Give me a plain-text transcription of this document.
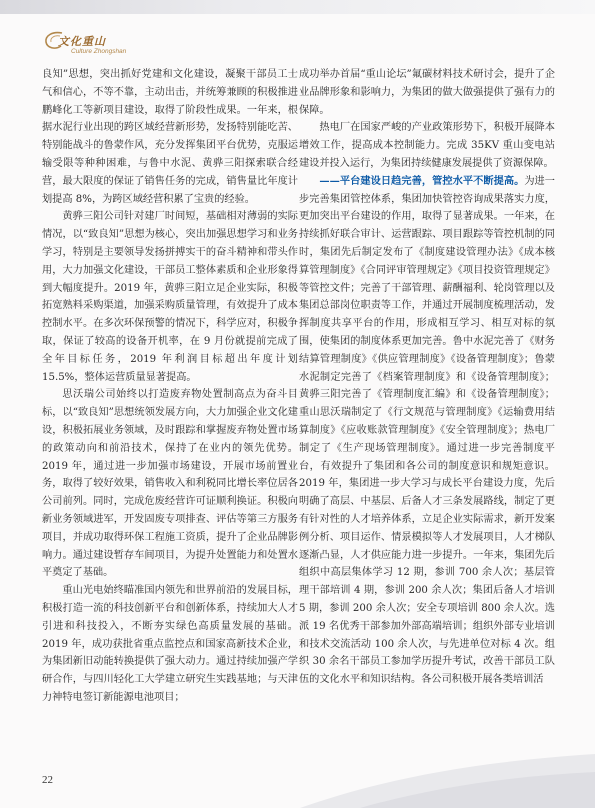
文化重山
Culture Zhongshan

良知”思想，突出抓好党建和文化建设，凝聚干部员工士气和信心，不等不靠，主动出击，并统筹兼顾的积极推进鹏峰化工等新项目建设，取得了阶段性成果。一年来，根据水泥行业出现的跨区域经营新形势，发扬特别能吃苦、特别能战斗的鲁蒙作风，充分发挥集团平台优势，克服运输受限等种种困难，与鲁中水泥、黄骅三阳探索联合经营，最大限度的保证了销售任务的完成，销售量比年度计划提高 8%，为跨区域经营积累了宝贵的经验。

黄骅三阳公司针对建厂时间短，基础相对薄弱的实际情况，以“致良知”思想为核心，突出加强思想学习和业务学习，特别是主要领导发扬拼搏实干的奋斗精神和带头作用，大力加强文化建设，干部员工整体素质和企业形象得到大幅度提升。2019 年，黄骅三阳立足企业实际，积极拓宽熟料采购渠道，加强采购质量管理，有效提升了成本控制水平。在多次环保预警的情况下，科学应对，积极争取，保证了较高的设备开机率，在 9 月份就提前完成了全年目标任务，2019 年利润目标超出年度计划 15.5%，整体运营质量显著提高。

思沃瑞公司始终以打造废弃物处置制高点为奋斗目标，以“致良知”思想统领发展方向，大力加强企业文化建设，积极拓展业务领域，及时跟踪和掌握废弃物处置市场的政策动向和前沿技术，保持了在业内的领先优势。2019 年，通过进一步加强市场建设，开展市场前置业务，取得了较好效果，销售收入和利税同比增长率位居各公司前列。同时，完成危废经营许可证顺利换证。积极向新业务领域进军，开发固废专项排查、评估等第三方服务项目，并成功取得环保工程施工资质，提升了企业品牌影响力。通过建设暂存车间项目，为提升处置能力和处置水平奠定了基础。

重山光电始终瞄准国内领先和世界前沿的发展目标，积极打造一流的科技创新平台和创新体系，持续加大人才引进和科技投入，不断夯实绿色高质量发展的基础。2019 年，成功获批省重点监控点和国家高新技术企业，为集团新旧动能转换提供了强大动力。通过持续加强产学研合作，与四川轻化工大学建立研究生实践基地；与天津力神特电签订新能源电池项目；

成功举办首届“重山论坛”氟碳材料技术研讨会，提升了企业品牌形象和影响力，为集团的做大做强提供了强有力的保障。

热电厂在国家严峻的产业政策形势下，积极开展降本增效工作，提高成本控制能力。完成 35KV 重山变电站建设并投入运行，为集团持续健康发展提供了资源保障。

——平台建设日趋完善，管控水平不断提高。为进一步完善集团管控体系，集团加快管控咨询成果落实力度，更加突出平台建设的作用，取得了显著成果。一年来，在持续抓好联合审计、运营跟踪、项目跟踪等管控机制的同时，集团先后制定发布了《制度建设管理办法》《成本核算管理制度》《合同评审管理规定》《项目投资管理规定》等管控文件；完善了干部管理、薪酬福利、轮岗管理以及集团总部岗位职责等工作，并通过开展制度梳理活动，发挥制度共享平台的作用，形成相互学习、相互对标的氛围，使集团的制度体系更加完善。鲁中水泥完善了《财务结算管理制度》《供应管理制度》《设备管理制度》；鲁蒙水泥制定完善了《档案管理制度》和《设备管理制度》；黄骅三阳完善了《管理制度汇编》和《设备管理制度》；重山思沃瑞制定了《行文规范与管理制度》《运输费用结算制度》《应收账款管理制度》《安全管理制度》；热电厂制定了《生产现场管理制度》。通过进一步完善制度平台，有效提升了集团和各公司的制度意识和规矩意识。2019 年，集团进一步大学习与成长平台建设力度，先后明确了高层、中基层、后备人才三条发展路线，制定了更有针对性的人才培养体系，立足企业实际需求，新开发案例分析、项目运作、情景模拟等人才发展项目，人才梯队逐渐凸显，人才供应能力进一步提升。一年来，集团先后组织中高层集体学习 12 期，参训 700 余人次；基层管理干部培训 4 期，参训 200 余人次；集团后备人才培训 5 期，参训 200 余人次；安全专项培训 800 余人次。选派 19 名优秀干部参加外部高端培训；组织外部专业培训和技术交流活动 100 余人次，与先进单位对标 4 次。组织 30 余名干部员工参加学历提升考试，改善干部员工队伍的文化水平和知识结构。各公司积极开展各类培训活

22
